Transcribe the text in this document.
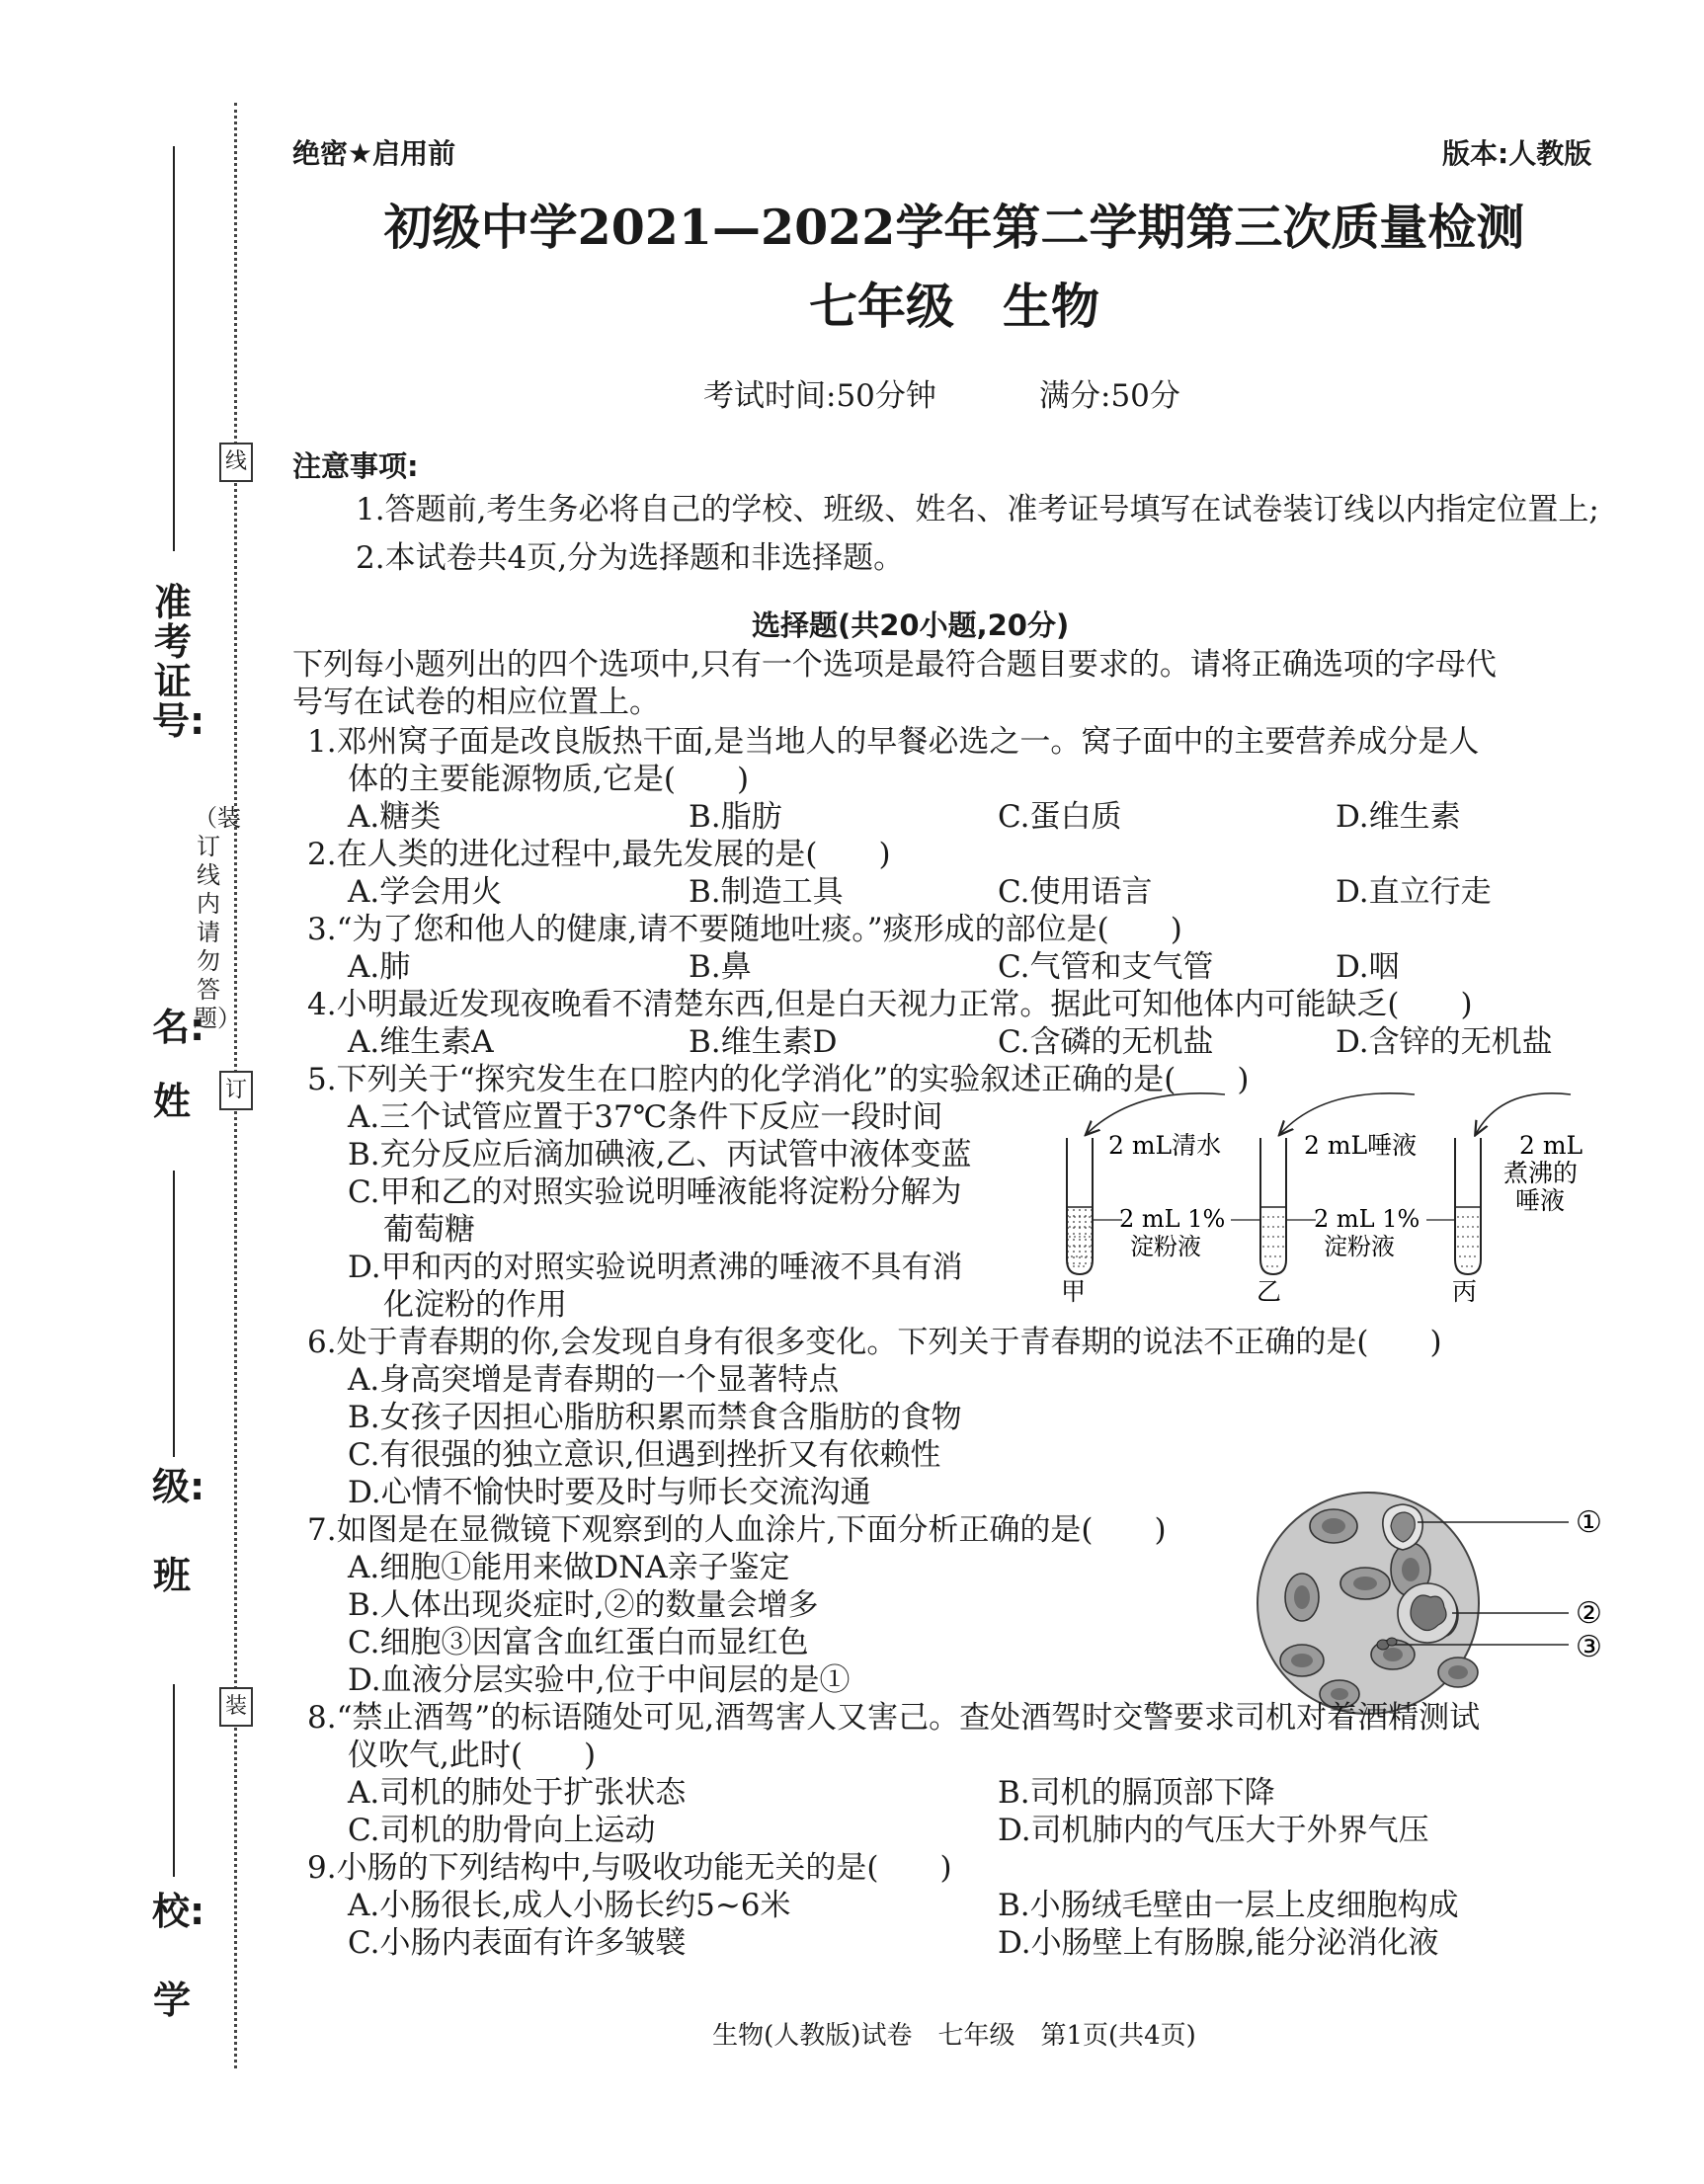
线
订
装
（装订线内请勿答题）
准考证号:
姓
名:
班
级:
学
校:
绝密★启用前	版本:人教版
初级中学2021—2022学年第二学期第三次质量检测
七年级　生物
考试时间:50分钟	满分:50分
注意事项:
1.答题前,考生务必将自己的学校、班级、姓名、准考证号填写在试卷装订线以内指定位置上;
2.本试卷共4页,分为选择题和非选择题。
选择题(共20小题,20分)
下列每小题列出的四个选项中,只有一个选项是最符合题目要求的。请将正确选项的字母代
号写在试卷的相应位置上。
1.邓州窝子面是改良版热干面,是当地人的早餐必选之一。窝子面中的主要营养成分是人
体的主要能源物质,它是(　　)
A.糖类	B.脂肪	C.蛋白质	D.维生素
2.在人类的进化过程中,最先发展的是(　　)
A.学会用火	B.制造工具	C.使用语言	D.直立行走
3.“为了您和他人的健康,请不要随地吐痰。”痰形成的部位是(　　)
A.肺	B.鼻	C.气管和支气管	D.咽
4.小明最近发现夜晚看不清楚东西,但是白天视力正常。据此可知他体内可能缺乏(　　)
A.维生素A	B.维生素D	C.含磷的无机盐	D.含锌的无机盐
5.下列关于“探究发生在口腔内的化学消化”的实验叙述正确的是(　　)
A.三个试管应置于37℃条件下反应一段时间
B.充分反应后滴加碘液,乙、丙试管中液体变蓝
C.甲和乙的对照实验说明唾液能将淀粉分解为
葡萄糖
D.甲和丙的对照实验说明煮沸的唾液不具有消
化淀粉的作用
2 mL清水	2 mL唾液	2 mL
煮沸的
唾液
2 mL 1%
淀粉液
2 mL 1%
淀粉液
甲	乙	丙
6.处于青春期的你,会发现自身有很多变化。下列关于青春期的说法不正确的是(　　)
A.身高突增是青春期的一个显著特点
B.女孩子因担心脂肪积累而禁食含脂肪的食物
C.有很强的独立意识,但遇到挫折又有依赖性
D.心情不愉快时要及时与师长交流沟通
7.如图是在显微镜下观察到的人血涂片,下面分析正确的是(　　)
A.细胞①能用来做DNA亲子鉴定
B.人体出现炎症时,②的数量会增多
C.细胞③因富含血红蛋白而显红色
D.血液分层实验中,位于中间层的是①
①
②
③
8.“禁止酒驾”的标语随处可见,酒驾害人又害己。查处酒驾时交警要求司机对着酒精测试
仪吹气,此时(　　)
A.司机的肺处于扩张状态	B.司机的膈顶部下降
C.司机的肋骨向上运动	D.司机肺内的气压大于外界气压
9.小肠的下列结构中,与吸收功能无关的是(　　)
A.小肠很长,成人小肠长约5~6米	B.小肠绒毛壁由一层上皮细胞构成
C.小肠内表面有许多皱襞	D.小肠壁上有肠腺,能分泌消化液
生物(人教版)试卷　七年级　第1页(共4页)
